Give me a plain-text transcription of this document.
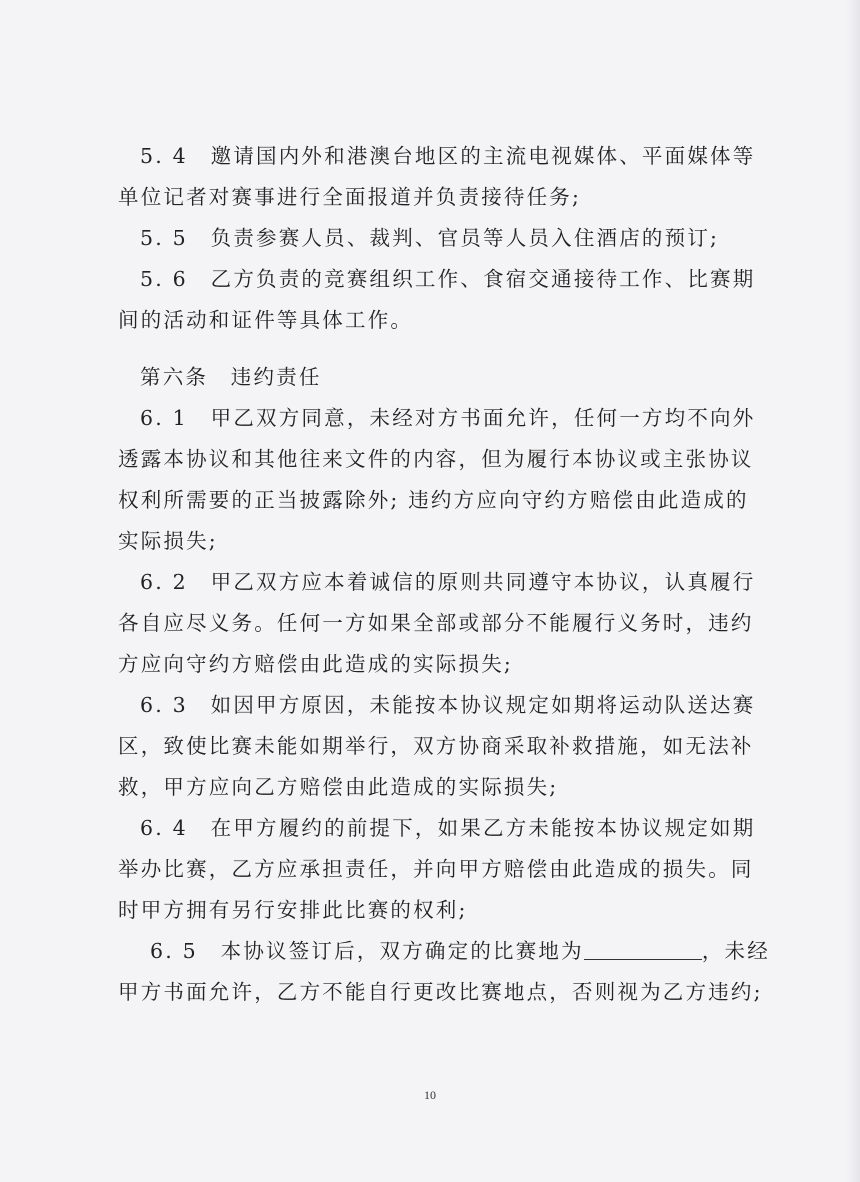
5. 4　邀请国内外和港澳台地区的主流电视媒体、平面媒体等
单位记者对赛事进行全面报道并负责接待任务;
5. 5　负责参赛人员、裁判、官员等人员入住酒店的预订;
5. 6　乙方负责的竞赛组织工作、食宿交通接待工作、比赛期
间的活动和证件等具体工作。
第六条　违约责任
6. 1　甲乙双方同意，未经对方书面允许，任何一方均不向外
透露本协议和其他往来文件的内容，但为履行本协议或主张协议
权利所需要的正当披露除外; 违约方应向守约方赔偿由此造成的
实际损失;
6. 2　甲乙双方应本着诚信的原则共同遵守本协议，认真履行
各自应尽义务。任何一方如果全部或部分不能履行义务时，违约
方应向守约方赔偿由此造成的实际损失;
6. 3　如因甲方原因，未能按本协议规定如期将运动队送达赛
区，致使比赛未能如期举行，双方协商采取补救措施，如无法补
救，甲方应向乙方赔偿由此造成的实际损失;
6. 4　在甲方履约的前提下，如果乙方未能按本协议规定如期
举办比赛，乙方应承担责任，并向甲方赔偿由此造成的损失。同
时甲方拥有另行安排此比赛的权利;
6. 5　本协议签订后，双方确定的比赛地为	，未经
甲方书面允许，乙方不能自行更改比赛地点，否则视为乙方违约;
10
